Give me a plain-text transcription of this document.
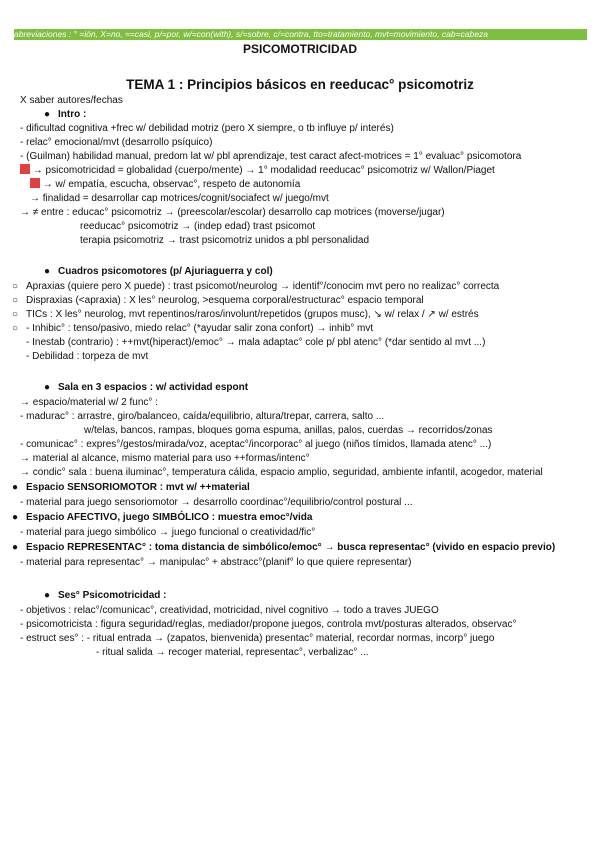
abreviaciones : ° =ión, X=no, ≈=casi, p/=por, w/=con(with), s/=sobre, c/=contra, tto=tratamiento, mvt=movimiento, cab=cabeza
PSICOMOTRICIDAD
TEMA 1 : Principios básicos en reeducac° psicomotriz
X saber autores/fechas
● Intro :
- dificultad cognitiva +frec w/ debilidad motriz (pero X siempre, o tb influye p/ interés)
- relac° emocional/mvt (desarrollo psíquico)
- (Guilman) habilidad manual, predom lat w/ pbl aprendizaje, test caract afect-motrices = 1° evaluac° psicomotora
→ psicomotricidad = globalidad (cuerpo/mente) → 1° modalidad reeducac° psicomotriz w/ Wallon/Piaget
→ w/ empatía, escucha, observac°, respeto de autonomía
→ finalidad = desarrollar cap motrices/cognit/sociafect w/ juego/mvt
→ ≠ entre : educac° psicomotriz → (preescolar/escolar) desarrollo cap motrices (moverse/jugar)
reeducac° psicomotriz → (indep edad) trast psicomot
terapia psicomotriz → trast psicomotriz unidos a pbl personalidad
● Cuadros psicomotores (p/ Ajuriaguerra y col)
○ Apraxias (quiere pero X puede) : trast psicomot/neurolog → identif°/conocim mvt pero no realizac° correcta
○ Dispraxias (<apraxia) : X les° neurolog, >esquema corporal/estructurac° espacio temporal
○ TICs : X les° neurolog, mvt repentinos/raros/involunt/repetidos (grupos musc), ↘ w/ relax / ↗ w/ estrés
○ - Inhibic° : tenso/pasivo, miedo relac° (*ayudar salir zona confort) → inhib° mvt
- Inestab (contrario) : ++mvt(hiperact)/emoc° → mala adaptac° cole p/ pbl atenc° (*dar sentido al mvt ...)
- Debilidad : torpeza de mvt
● Sala en 3 espacios : w/ actividad espont
→ espacio/material w/ 2 func° :
- madurac° : arrastre, giro/balanceo, caída/equilibrio, altura/trepar, carrera, salto ...
w/telas, bancos, rampas, bloques goma espuma, anillas, palos, cuerdas → recorridos/zonas
- comunicac° : expres°/gestos/mirada/voz, aceptac°/incorporac° al juego (niños tímidos, llamada atenc° ...)
→ material al alcance, mismo material para uso ++formas/intenc°
→ condic° sala : buena iluminac°, temperatura cálida, espacio amplio, seguridad, ambiente infantil, acogedor, material
● Espacio SENSORIOMOTOR : mvt w/ ++material
- material para juego sensoriomotor → desarrollo coordinac°/equilibrio/control postural ...
● Espacio AFECTIVO, juego SIMBÓLICO : muestra emoc°/vida
- material para juego simbólico → juego funcional o creatividad/fic°
● Espacio REPRESENTAC° : toma distancia de simbólico/emoc° → busca representac° (vivido en espacio previo)
- material para representac° → manipulac° + abstracc°(planif° lo que quiere representar)
● Ses° Psicomotricidad :
- objetivos : relac°/comunicac°, creatividad, motricidad, nivel cognitivo → todo a traves JUEGO
- psicomotricista : figura seguridad/reglas, mediador/propone juegos, controla mvt/posturas alterados, observac°
- estruct ses° : - ritual entrada → (zapatos, bienvenida) presentac° material, recordar normas, incorp° juego
- ritual salida → recoger material, representac°, verbalizac° ...
